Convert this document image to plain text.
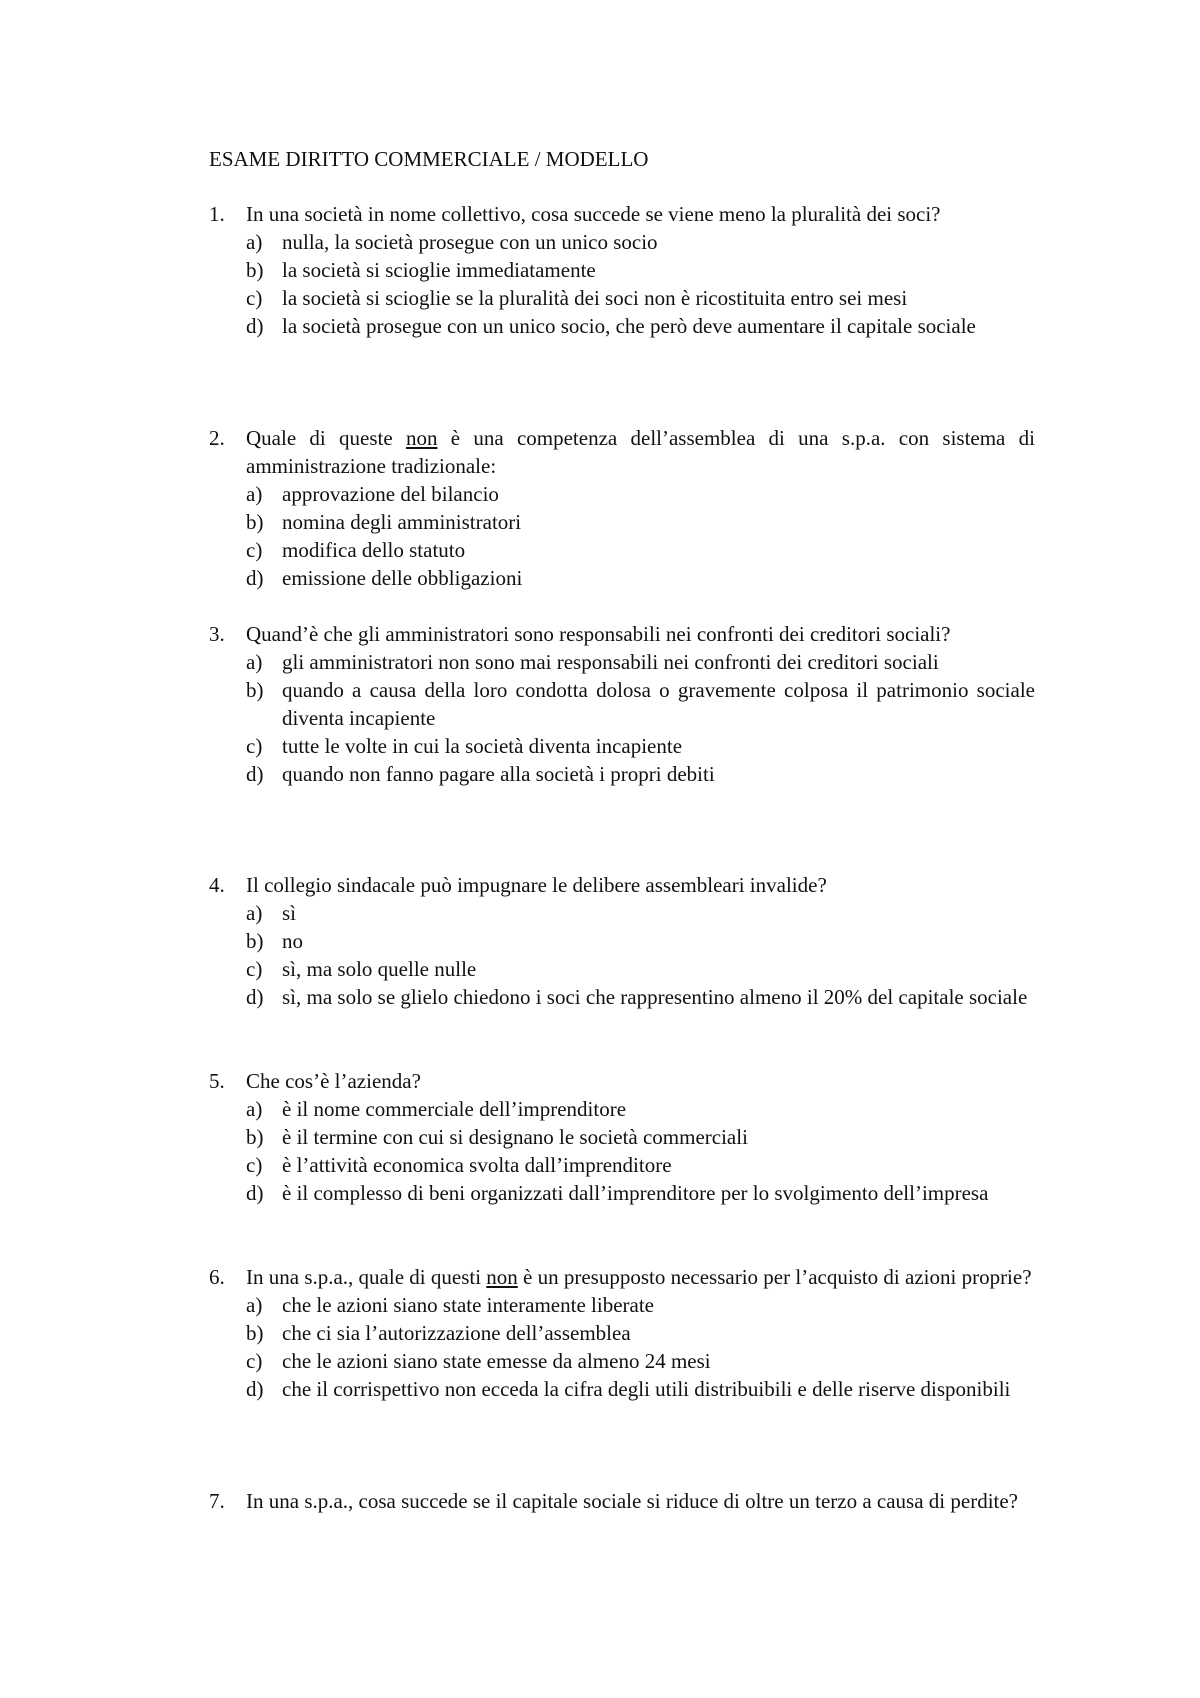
ESAME DIRITTO COMMERCIALE / MODELLO
1. In una società in nome collettivo, cosa succede se viene meno la pluralità dei soci?
a) nulla, la società prosegue con un unico socio
b) la società si scioglie immediatamente
c) la società si scioglie se la pluralità dei soci non è ricostituita entro sei mesi
d) la società prosegue con un unico socio, che però deve aumentare il capitale sociale
2. Quale di queste non è una competenza dell’assemblea di una s.p.a. con sistema di amministrazione tradizionale:
a) approvazione del bilancio
b) nomina degli amministratori
c) modifica dello statuto
d) emissione delle obbligazioni
3. Quand’è che gli amministratori sono responsabili nei confronti dei creditori sociali?
a) gli amministratori non sono mai responsabili nei confronti dei creditori sociali
b) quando a causa della loro condotta dolosa o gravemente colposa il patrimonio sociale diventa incapiente
c) tutte le volte in cui la società diventa incapiente
d) quando non fanno pagare alla società i propri debiti
4. Il collegio sindacale può impugnare le delibere assembleari invalide?
a) sì
b) no
c) sì, ma solo quelle nulle
d) sì, ma solo se glielo chiedono i soci che rappresentino almeno il 20% del capitale sociale
5. Che cos’è l’azienda?
a) è il nome commerciale dell’imprenditore
b) è il termine con cui si designano le società commerciali
c) è l’attività economica svolta dall’imprenditore
d) è il complesso di beni organizzati dall’imprenditore per lo svolgimento dell’impresa
6. In una s.p.a., quale di questi non è un presupposto necessario per l’acquisto di azioni proprie?
a) che le azioni siano state interamente liberate
b) che ci sia l’autorizzazione dell’assemblea
c) che le azioni siano state emesse da almeno 24 mesi
d) che il corrispettivo non ecceda la cifra degli utili distribuibili e delle riserve disponibili
7. In una s.p.a., cosa succede se il capitale sociale si riduce di oltre un terzo a causa di perdite?
